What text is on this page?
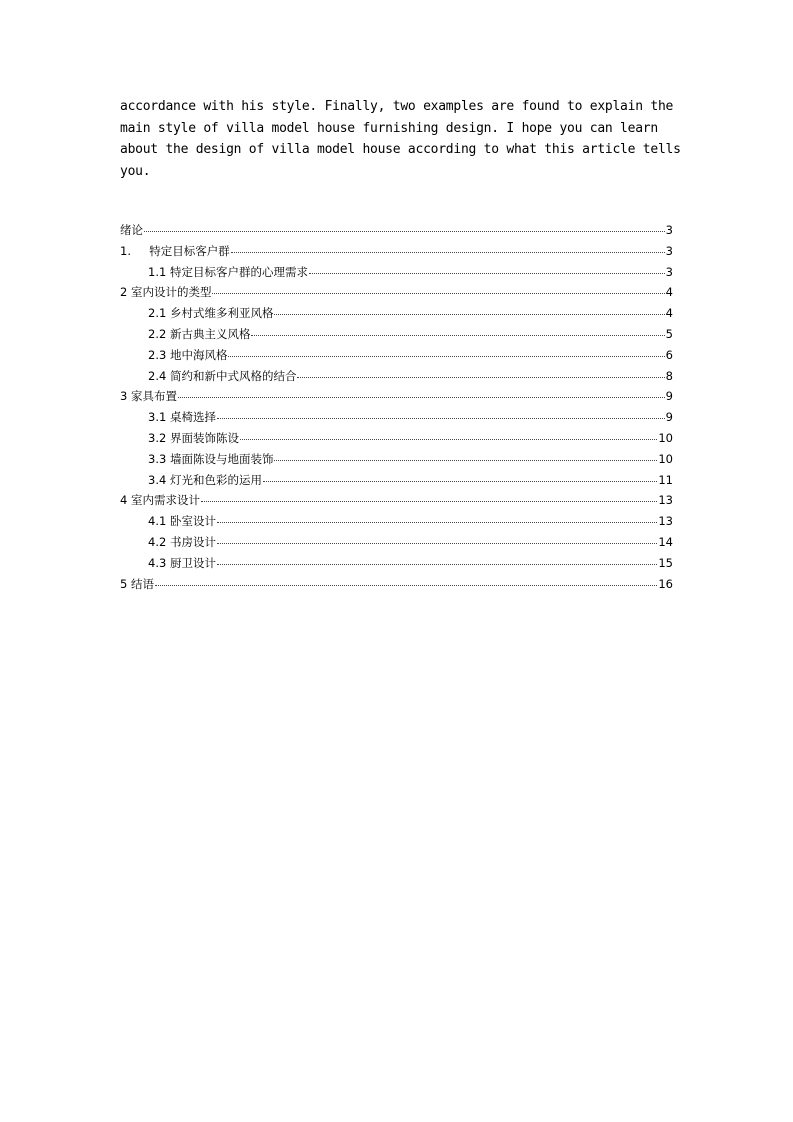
accordance with his style. Finally, two examples are found to explain the
main style of villa model house furnishing design. I hope you can learn
about the design of villa model house according to what this article tells
you.
绪论	3
1.     特定目标客户群	3
1.1 特定目标客户群的心理需求	3
2 室内设计的类型	4
2.1 乡村式维多利亚风格	4
2.2 新古典主义风格	5
2.3 地中海风格	6
2.4 简约和新中式风格的结合	8
3 家具布置	9
3.1 桌椅选择	9
3.2 界面装饰陈设	10
3.3 墙面陈设与地面装饰	10
3.4 灯光和色彩的运用	11
4 室内需求设计	13
4.1 卧室设计	13
4.2 书房设计	14
4.3 厨卫设计	15
5 结语	16
